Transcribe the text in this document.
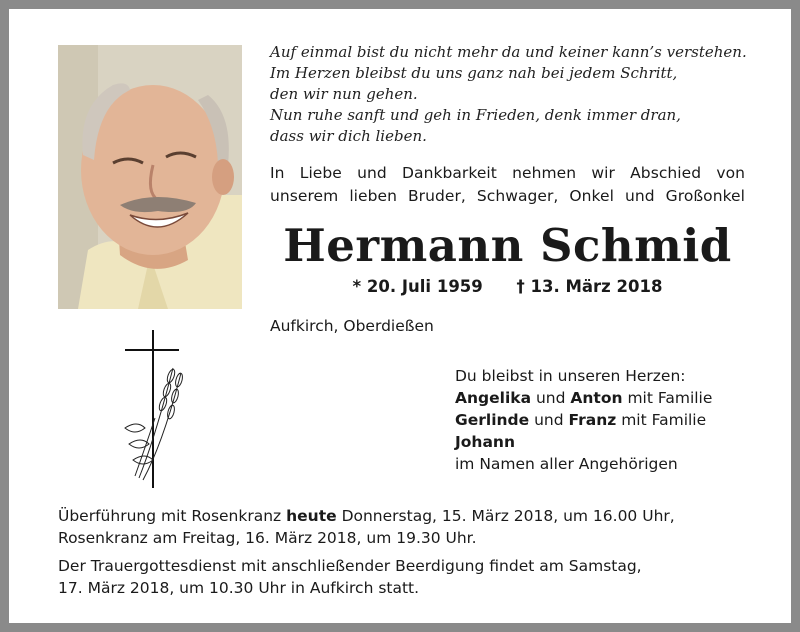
Auf einmal bist du nicht mehr da und keiner kann’s verstehen.
Im Herzen bleibst du uns ganz nah bei jedem Schritt,
den wir nun gehen.
Nun ruhe sanft und geh in Frieden, denk immer dran,
dass wir dich lieben.
In Liebe und Dankbarkeit nehmen wir Abschied von
unserem lieben Bruder, Schwager, Onkel und Großonkel
Hermann Schmid
* 20. Juli 1959 † 13. März 2018
Aufkirch, Oberdießen
Du bleibst in unseren Herzen:
Angelika und Anton mit Familie
Gerlinde und Franz mit Familie
Johann
im Namen aller Angehörigen

Überführung mit Rosenkranz heute Donnerstag, 15. März 2018, um 16.00 Uhr,
Rosenkranz am Freitag, 16. März 2018, um 19.30 Uhr.

Der Trauergottesdienst mit anschließender Beerdigung findet am Samstag,
17. März 2018, um 10.30 Uhr in Aufkirch statt.
